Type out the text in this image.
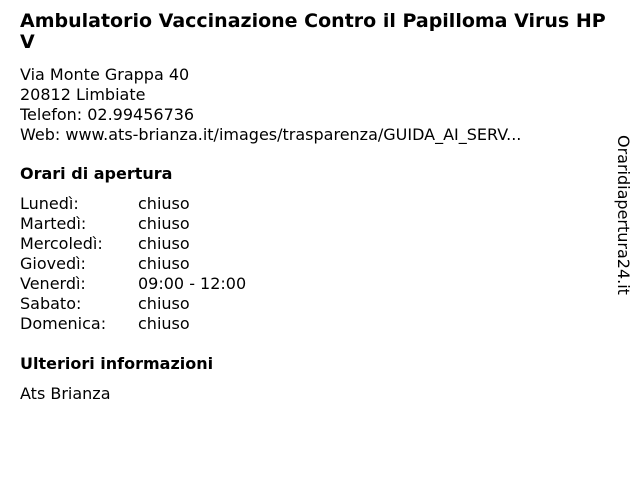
Ambulatorio Vaccinazione Contro il Papilloma Virus HPV
Via Monte Grappa 40
20812 Limbiate
Telefon: 02.99456736
Web: www.ats-brianza.it/images/trasparenza/GUIDA_AI_SERV...
Orari di apertura
Lunedì:	chiuso
Martedì:	chiuso
Mercoledì:	chiuso
Giovedì:	chiuso
Venerdì:	09:00 - 12:00
Sabato:	chiuso
Domenica:	chiuso
Ulteriori informazioni
Ats Brianza
Oraridiapertura24.it
